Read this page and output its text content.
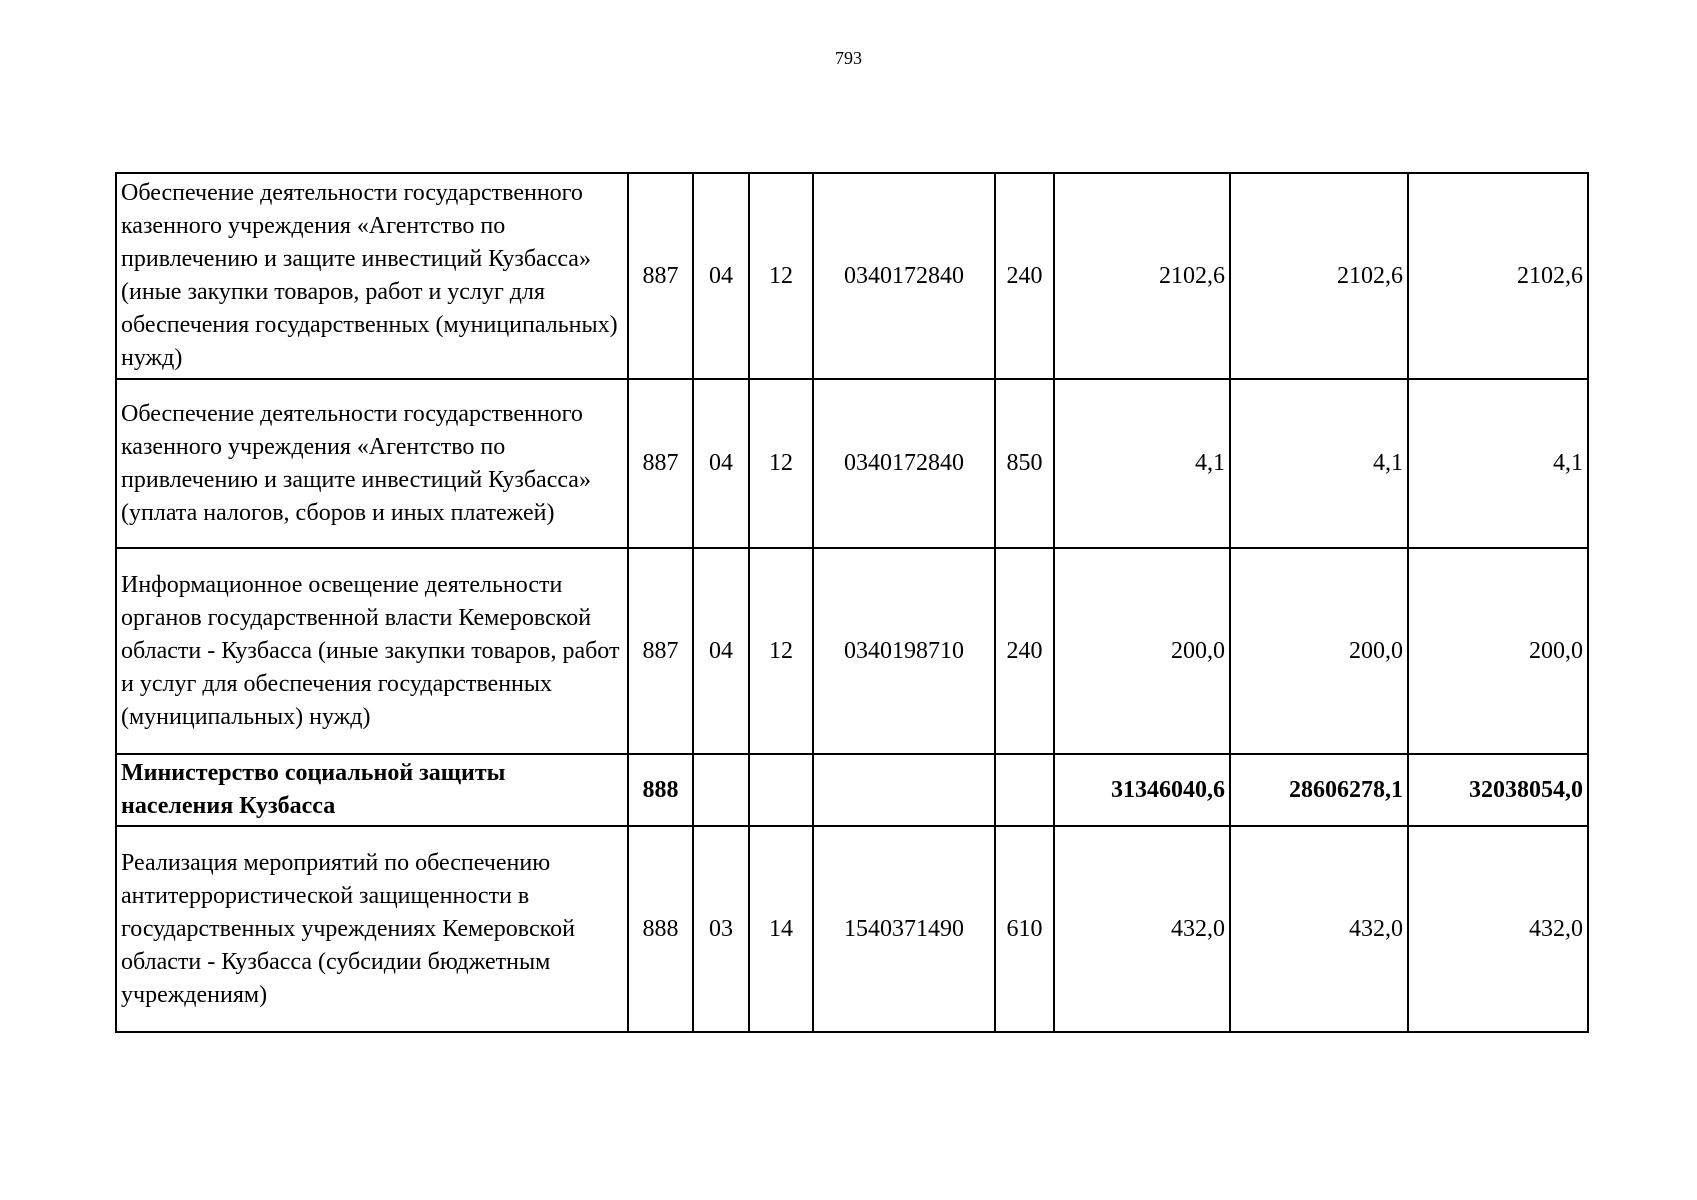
793
Обеспечение деятельности государственного казенного учреждения «Агентство по привлечению и защите инвестиций Кузбасса» (иные закупки товаров, работ и услуг для обеспечения государственных (муниципальных) нужд)	887	04	12	0340172840	240	2102,6	2102,6	2102,6
Обеспечение деятельности государственного казенного учреждения «Агентство по привлечению и защите инвестиций Кузбасса» (уплата налогов, сборов и иных платежей)	887	04	12	0340172840	850	4,1	4,1	4,1
Информационное освещение деятельности органов государственной власти Кемеровской области - Кузбасса (иные закупки товаров, работ и услуг для обеспечения государственных (муниципальных) нужд)	887	04	12	0340198710	240	200,0	200,0	200,0
Министерство социальной защиты населения Кузбасса	888					31346040,6	28606278,1	32038054,0
Реализация мероприятий по обеспечению антитеррористической защищенности в государственных учреждениях Кемеровской области - Кузбасса (субсидии бюджетным учреждениям)	888	03	14	1540371490	610	432,0	432,0	432,0
